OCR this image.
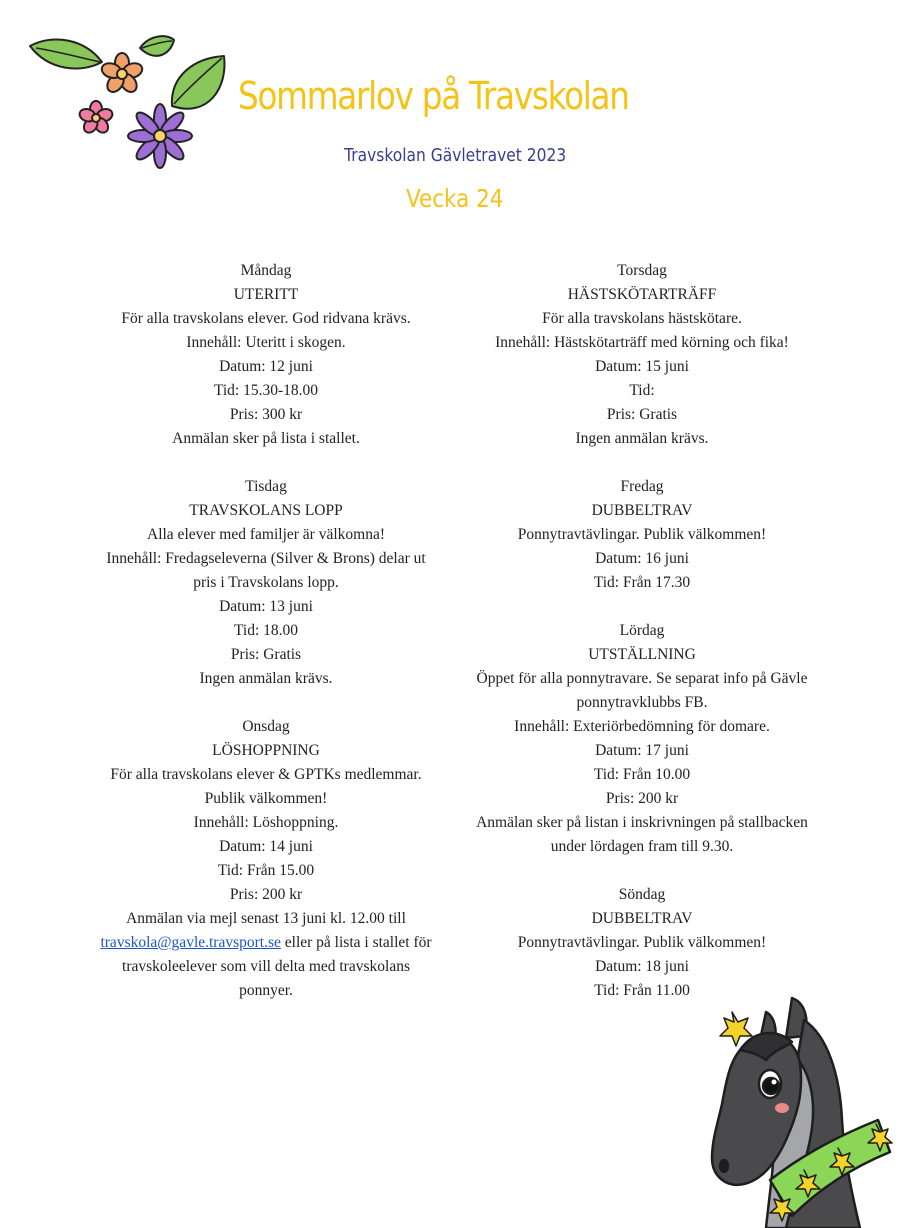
Sommarlov på Travskolan
Travskolan Gävletravet 2023
Vecka 24
Måndag
UTERITT
För alla travskolans elever. God ridvana krävs.
Innehåll: Uteritt i skogen.
Datum: 12 juni
Tid: 15.30-18.00
Pris: 300 kr
Anmälan sker på lista i stallet.
Tisdag
TRAVSKOLANS LOPP
Alla elever med familjer är välkomna!
Innehåll: Fredagseleverna (Silver & Brons) delar ut pris i Travskolans lopp.
Datum: 13 juni
Tid: 18.00
Pris: Gratis
Ingen anmälan krävs.
Onsdag
LÖSHOPPNING
För alla travskolans elever & GPTKs medlemmar. Publik välkommen!
Innehåll: Löshoppning.
Datum: 14 juni
Tid: Från 15.00
Pris: 200 kr
Anmälan via mejl senast 13 juni kl. 12.00 till travskola@gavle.travsport.se eller på lista i stallet för travskoleelever som vill delta med travskolans ponnyer.
Torsdag
HÄSTSKÖTARTRÄFF
För alla travskolans hästskötare.
Innehåll: Hästskötarträff med körning och fika!
Datum: 15 juni
Tid:
Pris: Gratis
Ingen anmälan krävs.
Fredag
DUBBELTRAV
Ponnytravtävlingar. Publik välkommen!
Datum: 16 juni
Tid: Från 17.30
Lördag
UTSTÄLLNING
Öppet för alla ponnytravare. Se separat info på Gävle ponnytravklubbs FB.
Innehåll: Exteriörbedömning för domare.
Datum: 17 juni
Tid: Från 10.00
Pris: 200 kr
Anmälan sker på listan i inskrivningen på stallbacken under lördagen fram till 9.30.
Söndag
DUBBELTRAV
Ponnytravtävlingar. Publik välkommen!
Datum: 18 juni
Tid: Från 11.00
